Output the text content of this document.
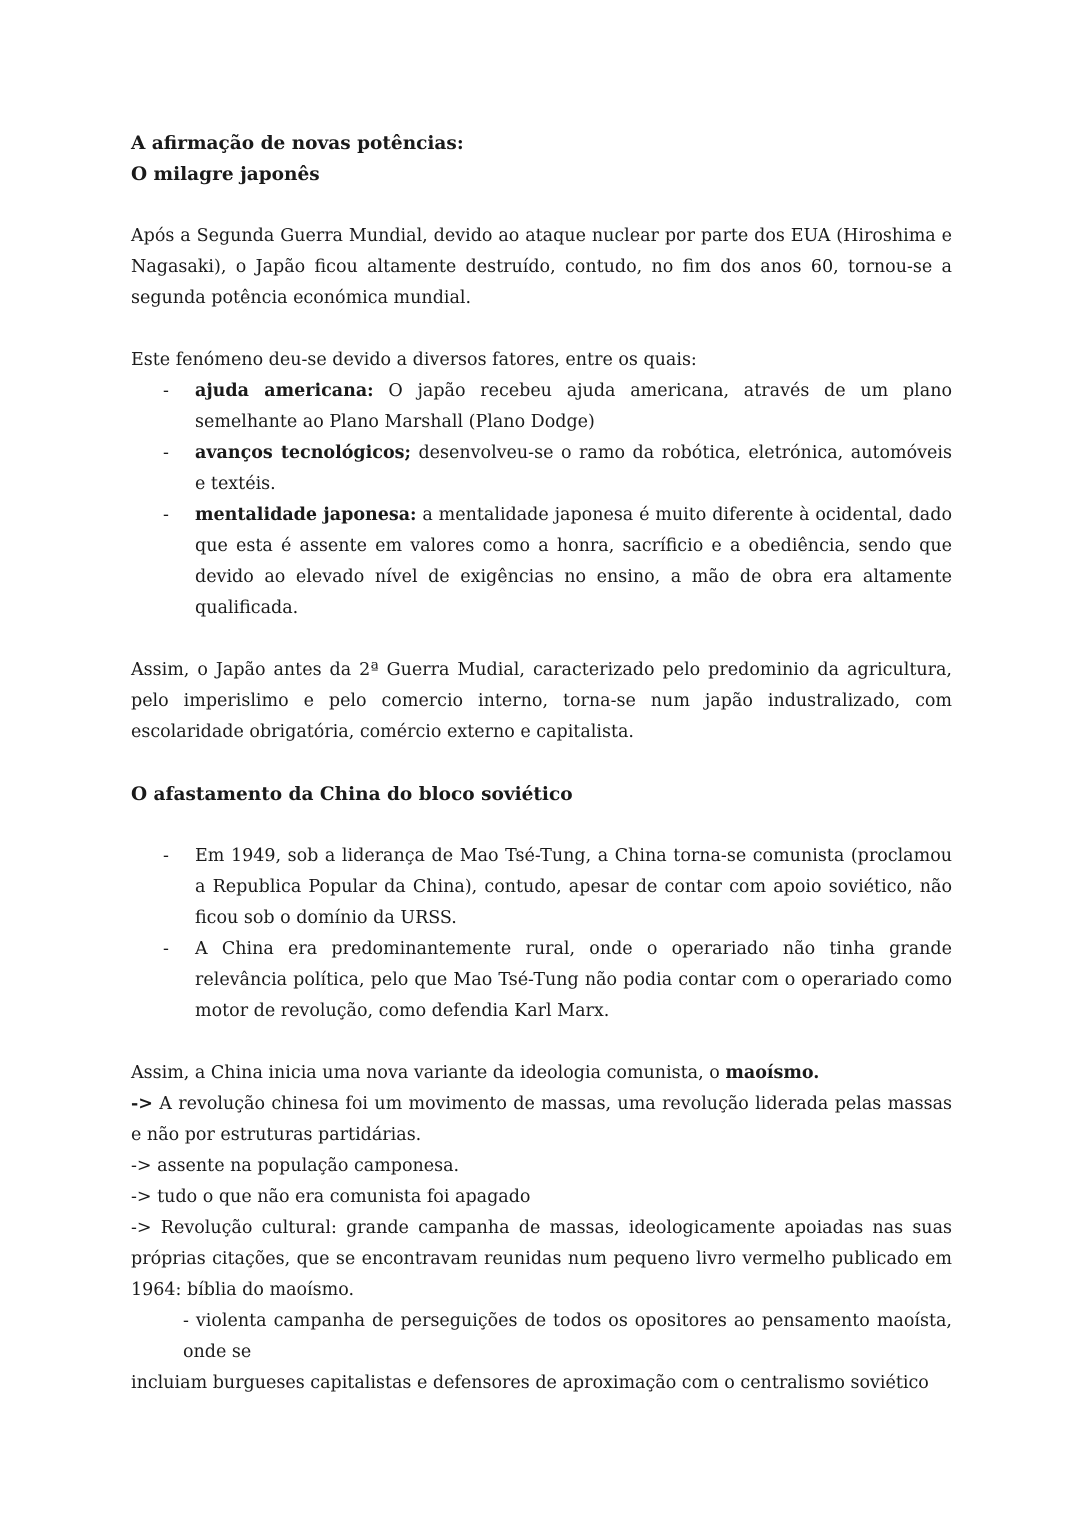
A afirmação de novas potências:
O milagre japonês

Após a Segunda Guerra Mundial, devido ao ataque nuclear por parte dos EUA (Hiroshima e Nagasaki), o Japão ficou altamente destruído, contudo, no fim dos anos 60, tornou-se a segunda potência económica mundial.

Este fenómeno deu-se devido a diversos fatores, entre os quais:

- ajuda americana: O japão recebeu ajuda americana, através de um plano semelhante ao Plano Marshall (Plano Dodge)
- avanços tecnológicos; desenvolveu-se o ramo da robótica, eletrónica, automóveis e textéis.
- mentalidade japonesa: a mentalidade japonesa é muito diferente à ocidental, dado que esta é assente em valores como a honra, sacríficio e a obediência, sendo que devido ao elevado nível de exigências no ensino, a mão de obra era altamente qualificada.

Assim, o Japão antes da 2ª Guerra Mudial, caracterizado pelo predominio da agricultura, pelo imperislimo e pelo comercio interno, torna-se num japão industralizado, com escolaridade obrigatória, comércio externo e capitalista.

O afastamento da China do bloco soviético
- Em 1949, sob a liderança de Mao Tsé-Tung, a China torna-se comunista (proclamou a Republica Popular da China), contudo, apesar de contar com apoio soviético, não ficou sob o domínio da URSS.
- A China era predominantemente rural, onde o operariado não tinha grande relevância política, pelo que Mao Tsé-Tung não podia contar com o operariado como motor de revolução, como defendia Karl Marx.

Assim, a China inicia uma nova variante da ideologia comunista, o maoísmo.

-> A revolução chinesa foi um movimento de massas, uma revolução liderada pelas massas e não por estruturas partidárias.

-> assente na população camponesa.

-> tudo o que não era comunista foi apagado

-> Revolução cultural: grande campanha de massas, ideologicamente apoiadas nas suas próprias citações, que se encontravam reunidas num pequeno livro vermelho publicado em 1964: bíblia do maoísmo.

- violenta campanha de perseguições de todos os opositores ao pensamento maoísta, onde se
incluiam burgueses capitalistas e defensores de aproximação com o centralismo soviético
